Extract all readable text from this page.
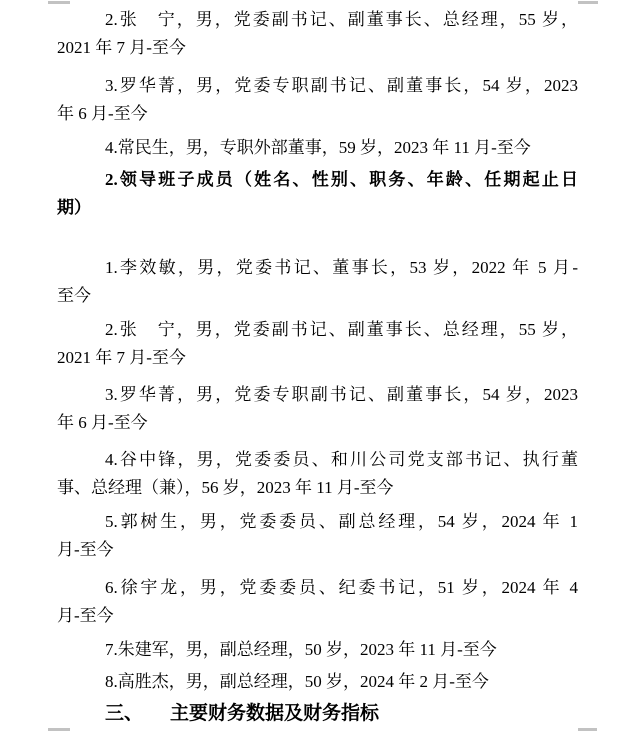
2.张　宁，男，党委副书记、副董事长、总经理，55 岁，
2021 年 7 月-至今
3.罗华菁，男，党委专职副书记、副董事长，54 岁，2023
年 6 月-至今
4.常民生，男，专职外部董事，59 岁，2023 年 11 月-至今
2.领导班子成员（姓名、性别、职务、年龄、任期起止日
期）
1.李效敏，男，党委书记、董事长，53 岁，2022 年 5 月-
至今
2.张　宁，男，党委副书记、副董事长、总经理，55 岁，
2021 年 7 月-至今
3.罗华菁，男，党委专职副书记、副董事长，54 岁，2023
年 6 月-至今
4.谷中锋，男，党委委员、和川公司党支部书记、执行董
事、总经理（兼），56 岁，2023 年 11 月-至今
5.郭树生，男，党委委员、副总经理，54 岁，2024 年 1
月-至今
6.徐宇龙，男，党委委员、纪委书记，51 岁，2024 年 4
月-至今
7.朱建军，男，副总经理，50 岁，2023 年 11 月-至今
8.高胜杰，男，副总经理，50 岁，2024 年 2 月-至今
三、 主要财务数据及财务指标
